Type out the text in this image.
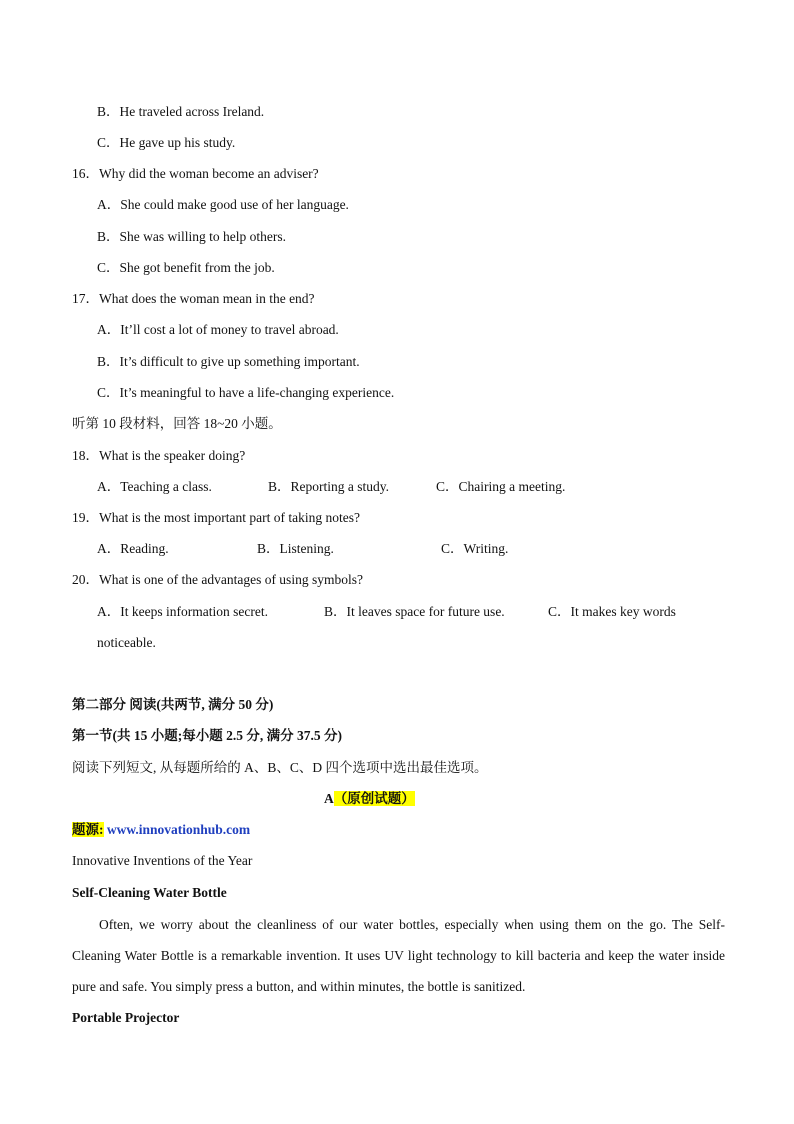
B．He traveled across Ireland.
C．He gave up his study.
16．Why did the woman become an adviser?
A．She could make good use of her language.
B．She was willing to help others.
C．She got benefit from the job.
17．What does the woman mean in the end?
A．It’ll cost a lot of money to travel abroad.
B．It’s difficult to give up something important.
C．It’s meaningful to have a life-changing experience.
听第 10 段材料，回答 18~20 小题。
18．What is the speaker doing?
A．Teaching a class.	B．Reporting a study.	C．Chairing a meeting.
19．What is the most important part of taking notes?
A．Reading.	B．Listening.	C．Writing.
20．What is one of the advantages of using symbols?
A．It keeps information secret.	B．It leaves space for future use.	C．It makes key words
noticeable.
第二部分 阅读(共两节, 满分 50 分)
第一节(共 15 小题;每小题 2.5 分, 满分 37.5 分)
阅读下列短文, 从每题所给的 A、B、C、D 四个选项中选出最佳选项。
A（原创试题）
题源: www.innovationhub.com
Innovative Inventions of the Year
Self-Cleaning Water Bottle

Often, we worry about the cleanliness of our water bottles, especially when using them on the go. The Self-Cleaning Water Bottle is a remarkable invention. It uses UV light technology to kill bacteria and keep the water inside pure and safe. You simply press a button, and within minutes, the bottle is sanitized.

Portable Projector
